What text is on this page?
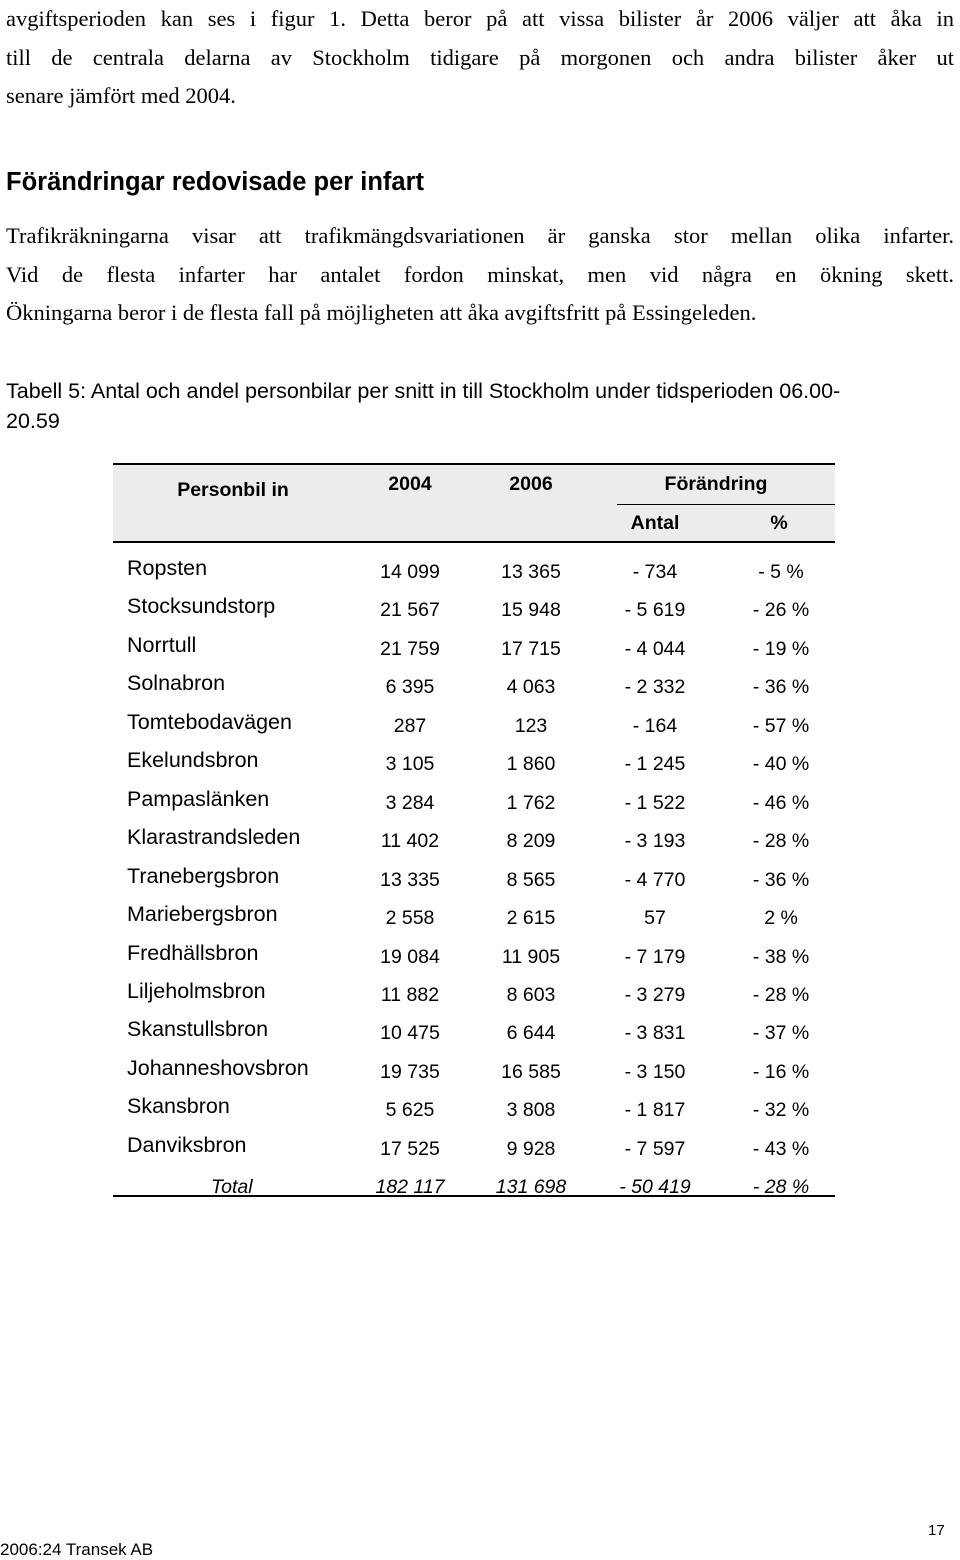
avgiftsperioden kan ses i figur 1. Detta beror på att vissa bilister år 2006 väljer att åka in
till de centrala delarna av Stockholm tidigare på morgonen och andra bilister åker ut
senare jämfört med 2004.
Förändringar redovisade per infart
Trafikräkningarna visar att trafikmängdsvariationen är ganska stor mellan olika infarter.
Vid de flesta infarter har antalet fordon minskat, men vid några en ökning skett.
Ökningarna beror i de flesta fall på möjligheten att åka avgiftsfritt på Essingeleden.
Tabell 5: Antal och andel personbilar per snitt in till Stockholm under tidsperioden 06.00-
20.59
Personbil in	2004	2006	Förändring
Antal	%
Ropsten	14 099	13 365	- 734	- 5 %
Stocksundstorp	21 567	15 948	- 5 619	- 26 %
Norrtull	21 759	17 715	- 4 044	- 19 %
Solnabron	6 395	4 063	- 2 332	- 36 %
Tomtebodavägen	287	123	- 164	- 57 %
Ekelundsbron	3 105	1 860	- 1 245	- 40 %
Pampaslänken	3 284	1 762	- 1 522	- 46 %
Klarastrandsleden	11 402	8 209	- 3 193	- 28 %
Tranebergsbron	13 335	8 565	- 4 770	- 36 %
Mariebergsbron	2 558	2 615	57	2 %
Fredhällsbron	19 084	11 905	- 7 179	- 38 %
Liljeholmsbron	11 882	8 603	- 3 279	- 28 %
Skanstullsbron	10 475	6 644	- 3 831	- 37 %
Johanneshovsbron	19 735	16 585	- 3 150	- 16 %
Skansbron	5 625	3 808	- 1 817	- 32 %
Danviksbron	17 525	9 928	- 7 597	- 43 %
Total	182 117	131 698	- 50 419	- 28 %
2006:24 Transek AB
17
